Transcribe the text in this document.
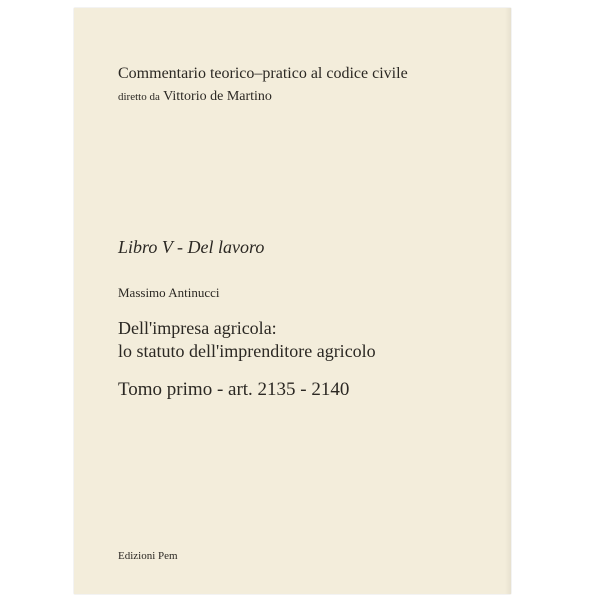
Commentario teorico–pratico al codice civile
diretto da Vittorio de Martino
Libro V - Del lavoro
Massimo Antinucci
Dell'impresa agricola:
lo statuto dell'imprenditore agricolo
Tomo primo - art. 2135 - 2140
Edizioni Pem
